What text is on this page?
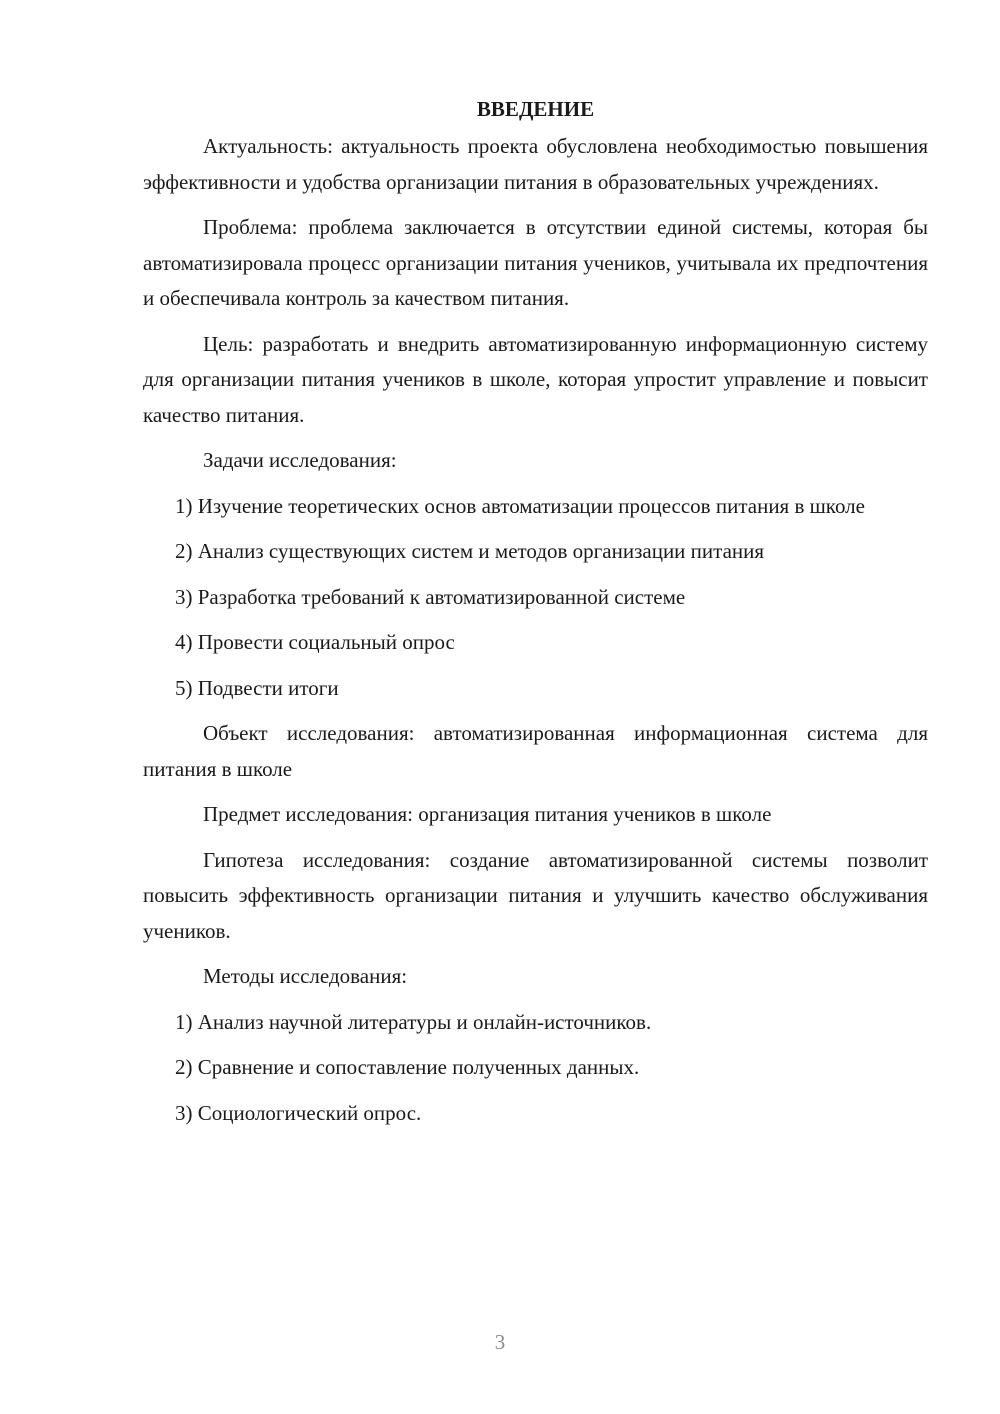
ВВЕДЕНИЕ

Актуальность: актуальность проекта обусловлена необходимостью повышения эффективности и удобства организации питания в образовательных учреждениях.

Проблема: проблема заключается в отсутствии единой системы, которая бы автоматизировала процесс организации питания учеников, учитывала их предпочтения и обеспечивала контроль за качеством питания.

Цель: разработать и внедрить автоматизированную информационную систему для организации питания учеников в школе, которая упростит управление и повысит качество питания.

Задачи исследования:

1) Изучение теоретических основ автоматизации процессов питания в школе

2) Анализ существующих систем и методов организации питания

3) Разработка требований к автоматизированной системе

4) Провести социальный опрос

5) Подвести итоги

Объект исследования: автоматизированная информационная система для питания в школе

Предмет исследования: организация питания учеников в школе

Гипотеза исследования: создание автоматизированной системы позволит повысить эффективность организации питания и улучшить качество обслуживания учеников.

Методы исследования:

1) Анализ научной литературы и онлайн-источников.

2) Сравнение и сопоставление полученных данных.

3) Социологический опрос.

3
